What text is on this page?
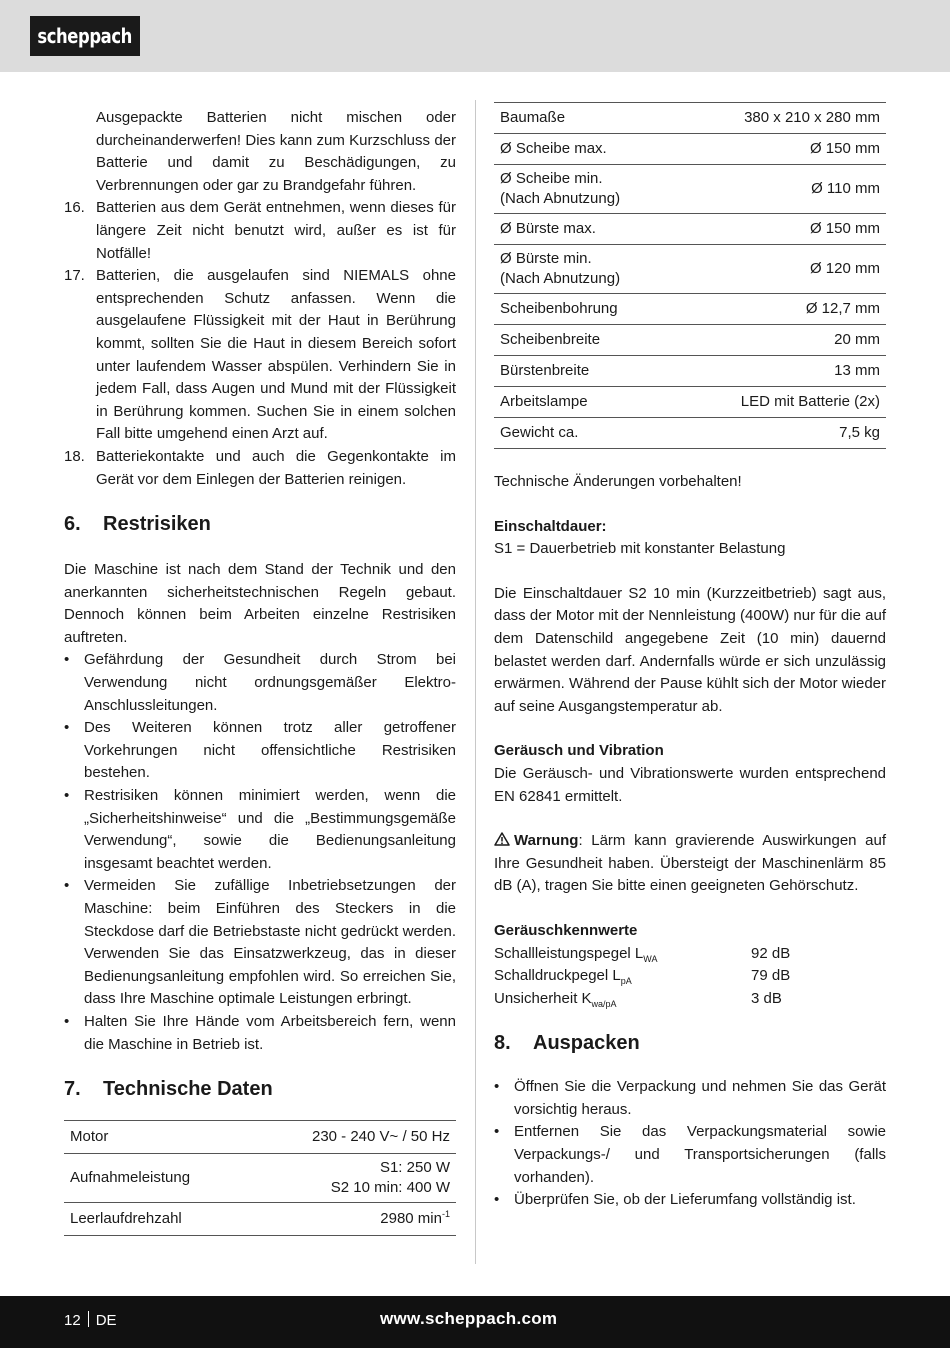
scheppach
Ausgepackte Batterien nicht mischen oder durcheinanderwerfen! Dies kann zum Kurzschluss der Batterie und damit zu Beschädigungen, zu Verbrennungen oder gar zu Brandgefahr führen.
16. Batterien aus dem Gerät entnehmen, wenn dieses für längere Zeit nicht benutzt wird, außer es ist für Notfälle!
17. Batterien, die ausgelaufen sind NIEMALS ohne entsprechenden Schutz anfassen. Wenn die ausgelaufene Flüssigkeit mit der Haut in Berührung kommt, sollten Sie die Haut in diesem Bereich sofort unter laufendem Wasser abspülen. Verhindern Sie in jedem Fall, dass Augen und Mund mit der Flüssigkeit in Berührung kommen. Suchen Sie in einem solchen Fall bitte umgehend einen Arzt auf.
18. Batteriekontakte und auch die Gegenkontakte im Gerät vor dem Einlegen der Batterien reinigen.
6. Restrisiken
Die Maschine ist nach dem Stand der Technik und den anerkannten sicherheitstechnischen Regeln gebaut. Dennoch können beim Arbeiten einzelne Restrisiken auftreten.
• Gefährdung der Gesundheit durch Strom bei Verwendung nicht ordnungsgemäßer Elektro-Anschlussleitungen.
• Des Weiteren können trotz aller getroffener Vorkehrungen nicht offensichtliche Restrisiken bestehen.
• Restrisiken können minimiert werden, wenn die „Sicherheitshinweise“ und die „Bestimmungsgemäße Verwendung“, sowie die Bedienungsanleitung insgesamt beachtet werden.
• Vermeiden Sie zufällige Inbetriebsetzungen der Maschine: beim Einführen des Steckers in die Steckdose darf die Betriebstaste nicht gedrückt werden. Verwenden Sie das Einsatzwerkzeug, das in dieser Bedienungsanleitung empfohlen wird. So erreichen Sie, dass Ihre Maschine optimale Leistungen erbringt.
• Halten Sie Ihre Hände vom Arbeitsbereich fern, wenn die Maschine in Betrieb ist.
7. Technische Daten
Motor	230 - 240 V~ / 50 Hz
Aufnahmeleistung	S1: 250 W
S2 10 min: 400 W

Leerlaufdrehzahl	2980 $\min^{-1}$
Baumaße	380 x 210 x 280 mm
Ø Scheibe max.	Ø 150 mm

Ø Scheibe min.
(Nach Abnutzung)	Ø 110 mm
Ø Bürste max.	Ø 150 mm

Ø Bürste min.
(Nach Abnutzung)	Ø 120 mm
Scheibenbohrung	Ø 12,7 mm
Scheibenbreite	20 mm
Bürstenbreite	13 mm
Arbeitslampe	LED mit Batterie (2x)
Gewicht ca.	7,5 kg
Technische Änderungen vorbehalten!
Einschaltdauer:
S1 = Dauerbetrieb mit konstanter Belastung
Die Einschaltdauer S2 10 min (Kurzzeitbetrieb) sagt aus, dass der Motor mit der Nennleistung (400W) nur für die auf dem Datenschild angegebene Zeit (10 min) dauernd belastet werden darf. Andernfalls würde er sich unzulässig erwärmen. Während der Pause kühlt sich der Motor wieder auf seine Ausgangstemperatur ab.
Geräusch und Vibration
Die Geräusch- und Vibrationswerte wurden entsprechend EN 62841 ermittelt.
Warnung: Lärm kann gravierende Auswirkungen auf Ihre Gesundheit haben. Übersteigt der Maschinenlärm 85 dB (A), tragen Sie bitte einen geeigneten Gehörschutz.
Geräuschkennwerte
Schallleistungspegel $L_{WA}$	92 dB
Schalldruckpegel $L_{pA}$	79 dB
Unsicherheit $K_{wa/pA}$	3 dB
8. Auspacken
• Öffnen Sie die Verpackung und nehmen Sie das Gerät vorsichtig heraus.
• Entfernen Sie das Verpackungsmaterial sowie Verpackungs-/ und Transportsicherungen (falls vorhanden).
• Überprüfen Sie, ob der Lieferumfang vollständig ist.
12 DE	www.scheppach.com
